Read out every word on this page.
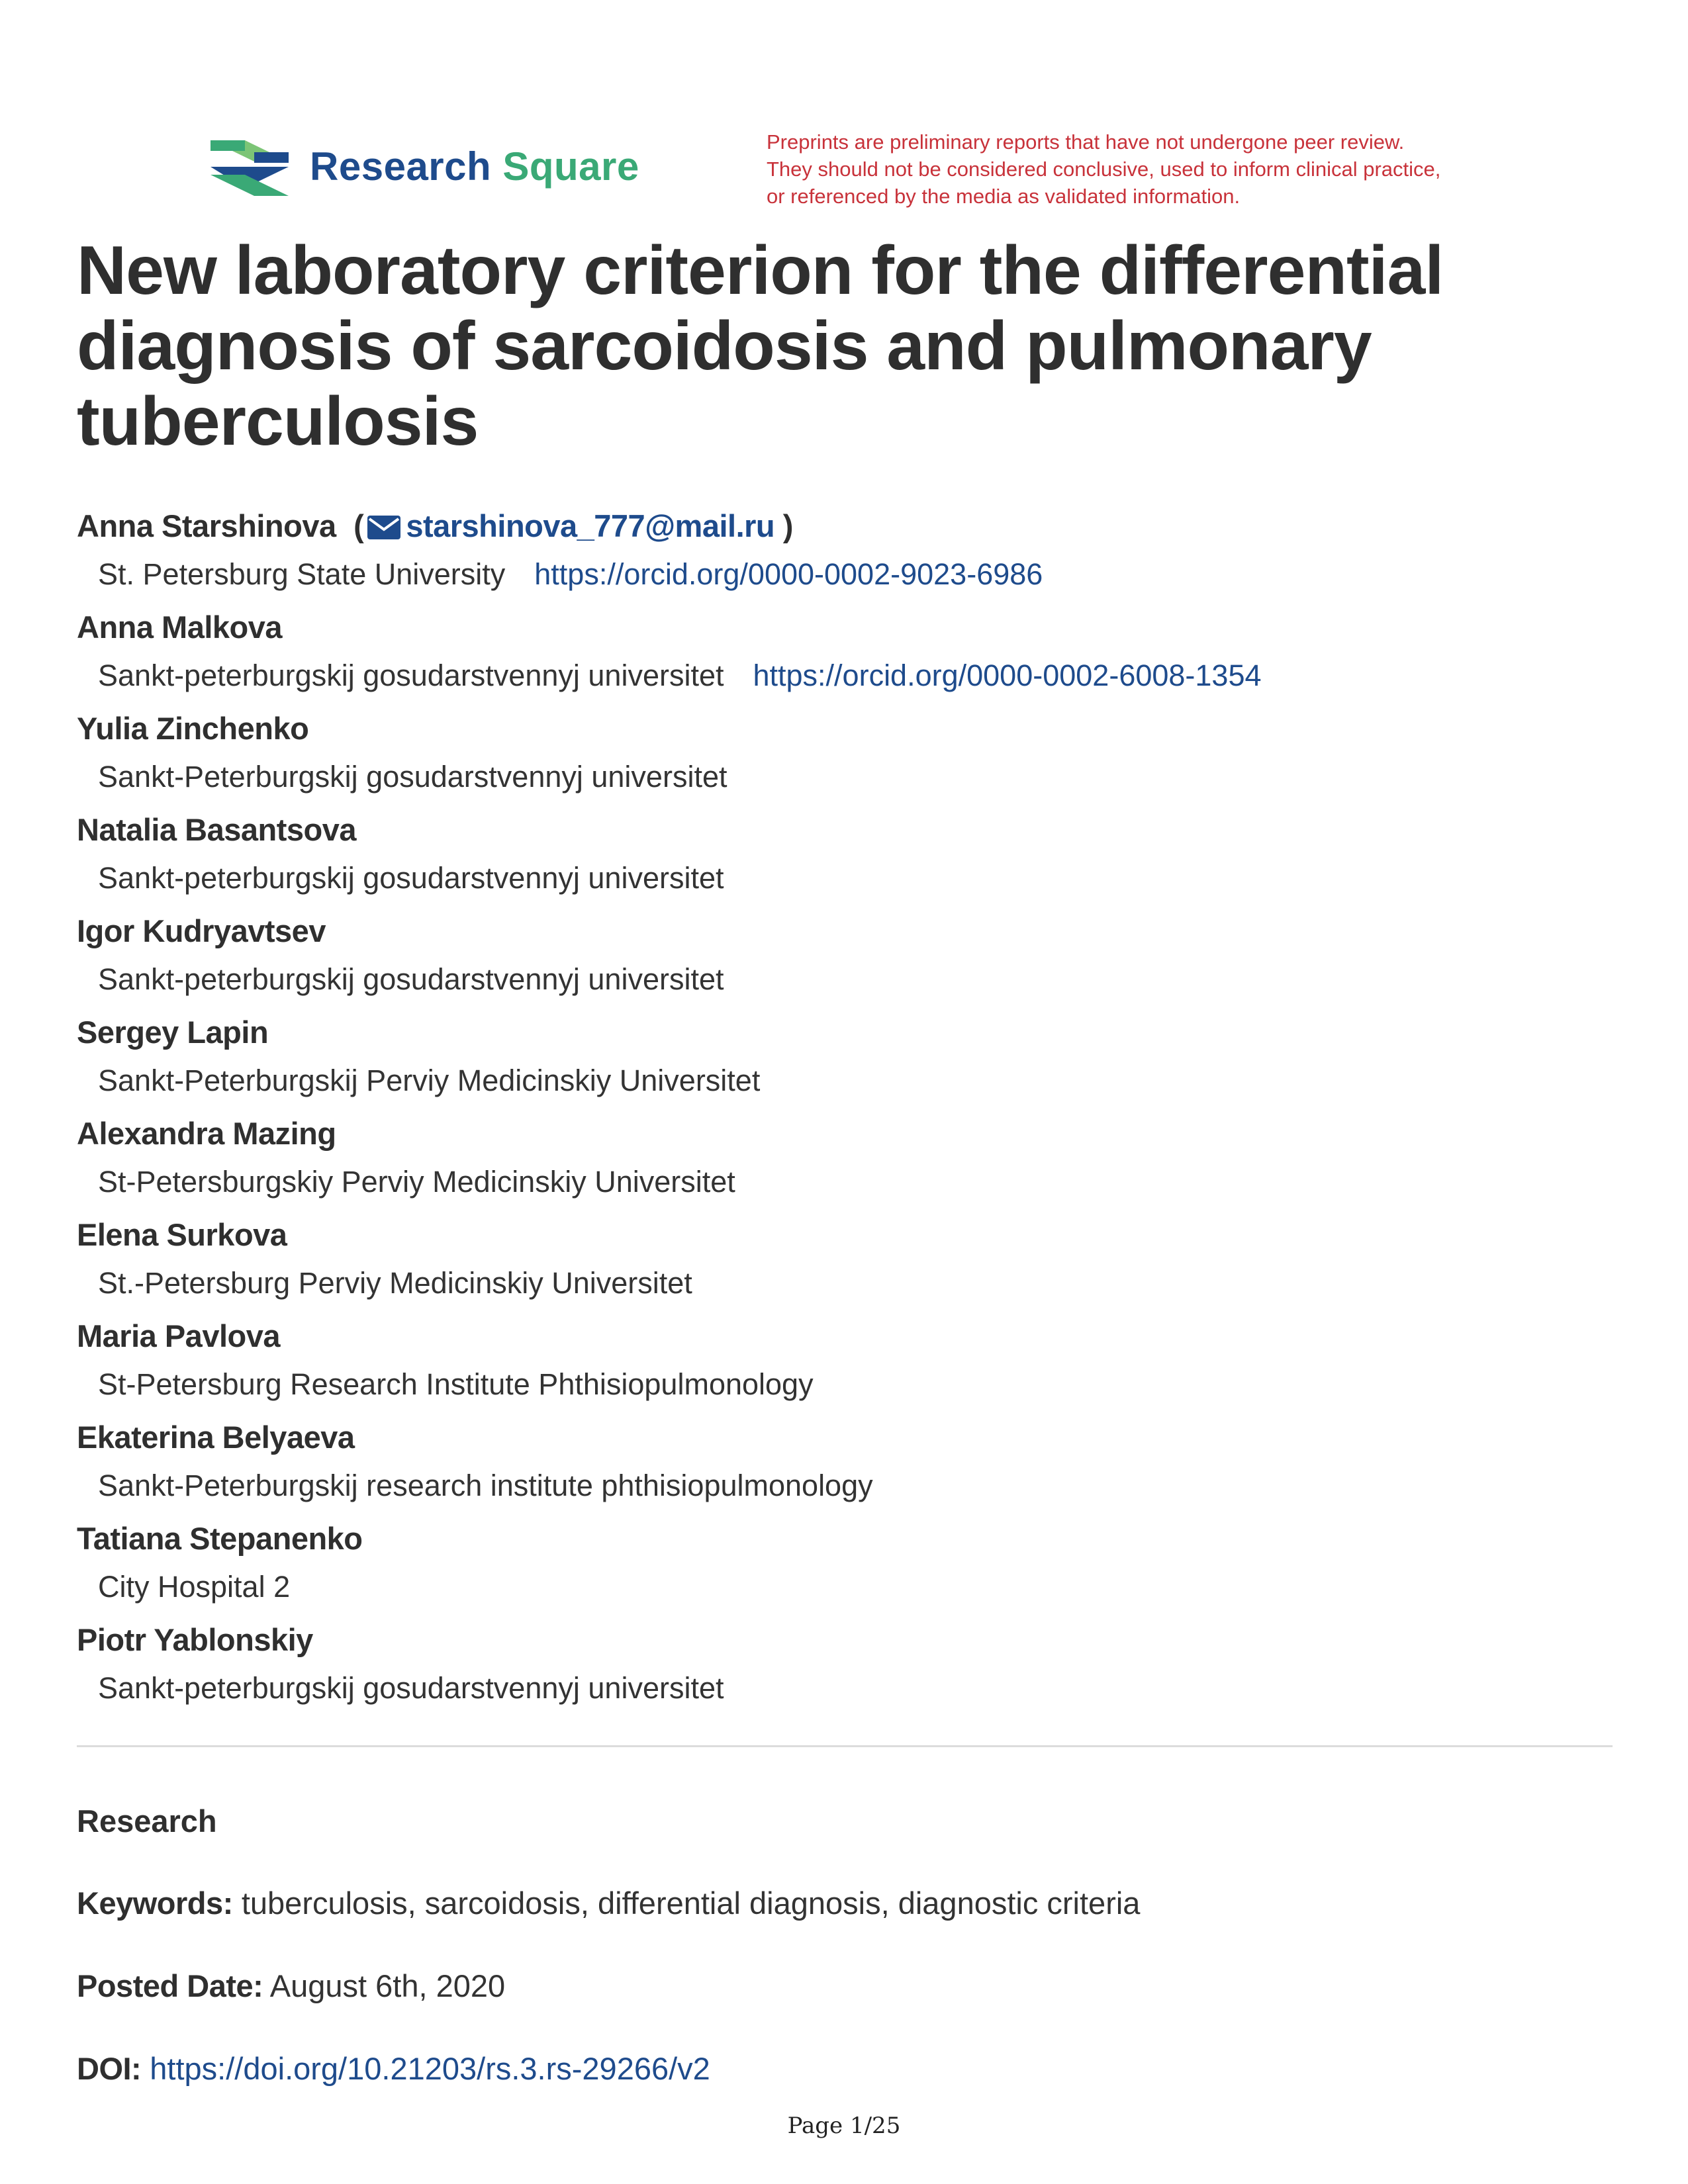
Research Square
Preprints are preliminary reports that have not undergone peer review.
They should not be considered conclusive, used to inform clinical practice,
or referenced by the media as validated information.
New laboratory criterion for the differential
diagnosis of sarcoidosis and pulmonary
tuberculosis
Anna Starshinova ( starshinova_777@mail.ru )
St. Petersburg State University https://orcid.org/0000-0002-9023-6986
Anna Malkova
Sankt-peterburgskij gosudarstvennyj universitet https://orcid.org/0000-0002-6008-1354
Yulia Zinchenko
Sankt-Peterburgskij gosudarstvennyj universitet
Natalia Basantsova
Sankt-peterburgskij gosudarstvennyj universitet
Igor Kudryavtsev
Sankt-peterburgskij gosudarstvennyj universitet
Sergey Lapin
Sankt-Peterburgskij Perviy Medicinskiy Universitet
Alexandra Mazing
St-Petersburgskiy Perviy Medicinskiy Universitet
Elena Surkova
St.-Petersburg Perviy Medicinskiy Universitet
Maria Pavlova
St-Petersburg Research Institute Phthisiopulmonology
Ekaterina Belyaeva
Sankt-Peterburgskij research institute phthisiopulmonology
Tatiana Stepanenko
City Hospital 2
Piotr Yablonskiy
Sankt-peterburgskij gosudarstvennyj universitet
Research
Keywords: tuberculosis, sarcoidosis, differential diagnosis, diagnostic criteria
Posted Date: August 6th, 2020
DOI: https://doi.org/10.21203/rs.3.rs-29266/v2
Page 1/25
